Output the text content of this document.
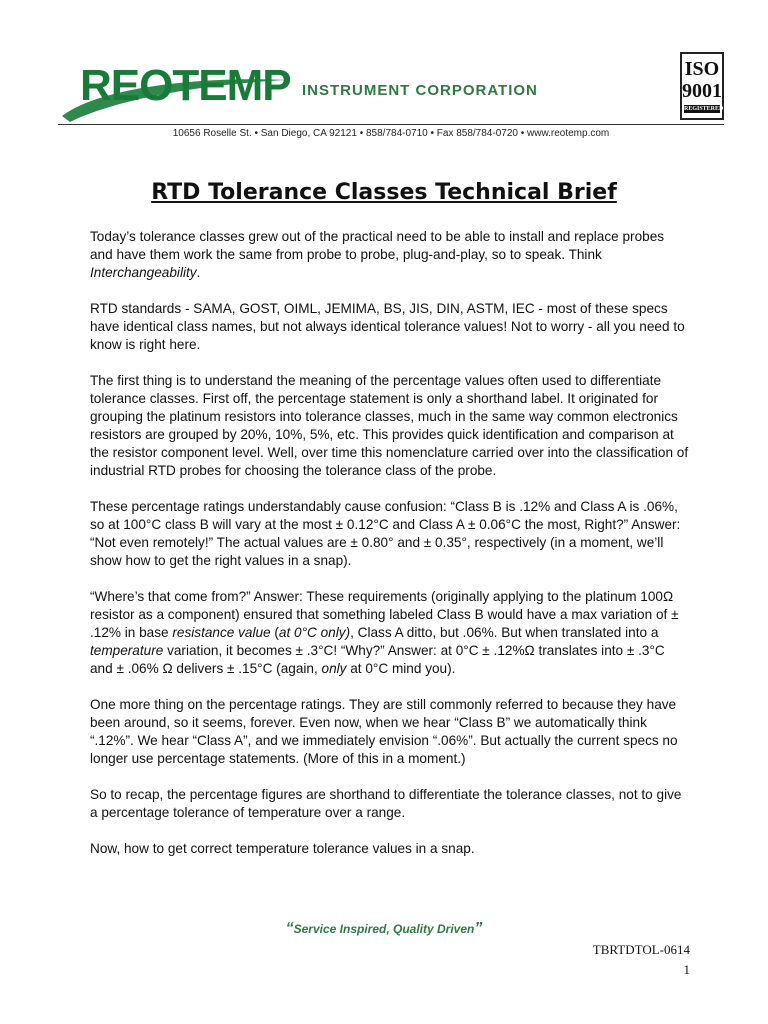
REOTEMP INSTRUMENT CORPORATION
ISO
9001
REGISTERED
10656 Roselle St. • San Diego, CA 92121 • 858/784-0710 • Fax 858/784-0720 • www.reotemp.com
RTD Tolerance Classes Technical Brief

Today’s tolerance classes grew out of the practical need to be able to install and replace probes and have them work the same from probe to probe, plug-and-play, so to speak. Think Interchangeability.

RTD standards - SAMA, GOST, OIML, JEMIMA, BS, JIS, DIN, ASTM, IEC - most of these specs have identical class names, but not always identical tolerance values! Not to worry - all you need to know is right here.

The first thing is to understand the meaning of the percentage values often used to differentiate tolerance classes. First off, the percentage statement is only a shorthand label. It originated for grouping the platinum resistors into tolerance classes, much in the same way common electronics resistors are grouped by 20%, 10%, 5%, etc. This provides quick identification and comparison at the resistor component level. Well, over time this nomenclature carried over into the classification of industrial RTD probes for choosing the tolerance class of the probe.

These percentage ratings understandably cause confusion: “Class B is .12% and Class A is .06%, so at 100°C class B will vary at the most ± 0.12°C and Class A ± 0.06°C the most, Right?” Answer: “Not even remotely!” The actual values are ± 0.80° and ± 0.35°, respectively (in a moment, we’ll show how to get the right values in a snap).

“Where’s that come from?” Answer: These requirements (originally applying to the platinum 100Ω resistor as a component) ensured that something labeled Class B would have a max variation of ± .12% in base resistance value (at 0°C only), Class A ditto, but .06%. But when translated into a temperature variation, it becomes ± .3°C! “Why?” Answer: at 0°C ± .12%Ω translates into ± .3°C and ± .06% Ω delivers ± .15°C (again, only at 0°C mind you).

One more thing on the percentage ratings. They are still commonly referred to because they have been around, so it seems, forever. Even now, when we hear “Class B” we automatically think “.12%”. We hear “Class A”, and we immediately envision “.06%”. But actually the current specs no longer use percentage statements. (More of this in a moment.)

So to recap, the percentage figures are shorthand to differentiate the tolerance classes, not to give a percentage tolerance of temperature over a range.

Now, how to get correct temperature tolerance values in a snap.

“Service Inspired, Quality Driven”
TBRTDTOL-0614
1
